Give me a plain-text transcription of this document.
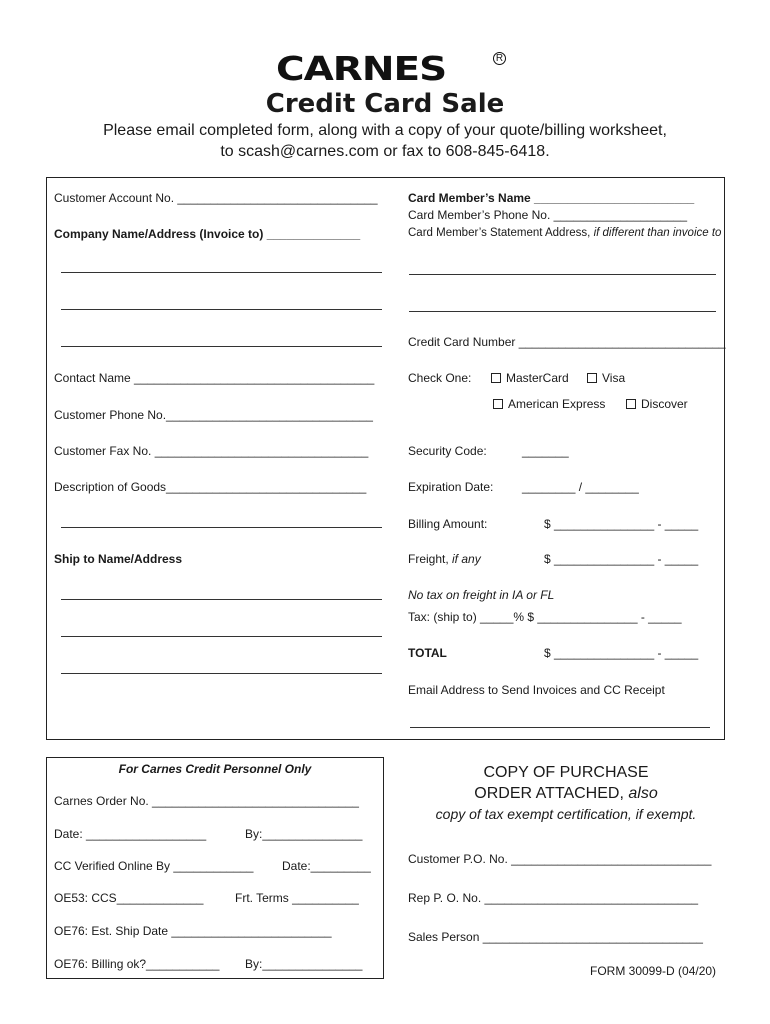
CARNES	R
Credit Card Sale
Please email completed form, along with a copy of your quote/billing worksheet,
to scash@carnes.com or fax to 608-845-6418.
Customer Account No. ______________________________
Company Name/Address (Invoice to) ______________
Contact Name ____________________________________
Customer Phone No._______________________________
Customer Fax No. ________________________________
Description of Goods______________________________
Ship to Name/Address
Card Member’s Name ________________________
Card Member’s Phone No. ____________________
Card Member’s Statement Address, if different than invoice to
Credit Card Number _______________________________
Check One:	MasterCard	Visa
American Express	Discover
Security Code:	_______
Expiration Date: ________ / ________
Billing Amount:	$ _______________ - _____
Freight, if any	$ _______________ - _____
No tax on freight in IA or FL
Tax: (ship to) _____% $ _______________ - _____
TOTAL	$ _______________ - _____
Email Address to Send Invoices and CC Receipt
For Carnes Credit Personnel Only
Carnes Order No. _______________________________
Date: __________________	By:_______________
CC Verified Online By ____________ Date:_________
OE53: CCS_____________	Frt. Terms __________
OE76: Est. Ship Date ________________________
OE76: Billing ok?___________ By:_______________
COPY OF PURCHASE
ORDER ATTACHED, also
copy of tax exempt certification, if exempt.
Customer P.O. No. ______________________________
Rep P. O. No. ________________________________
Sales Person _________________________________
FORM 30099-D (04/20)
